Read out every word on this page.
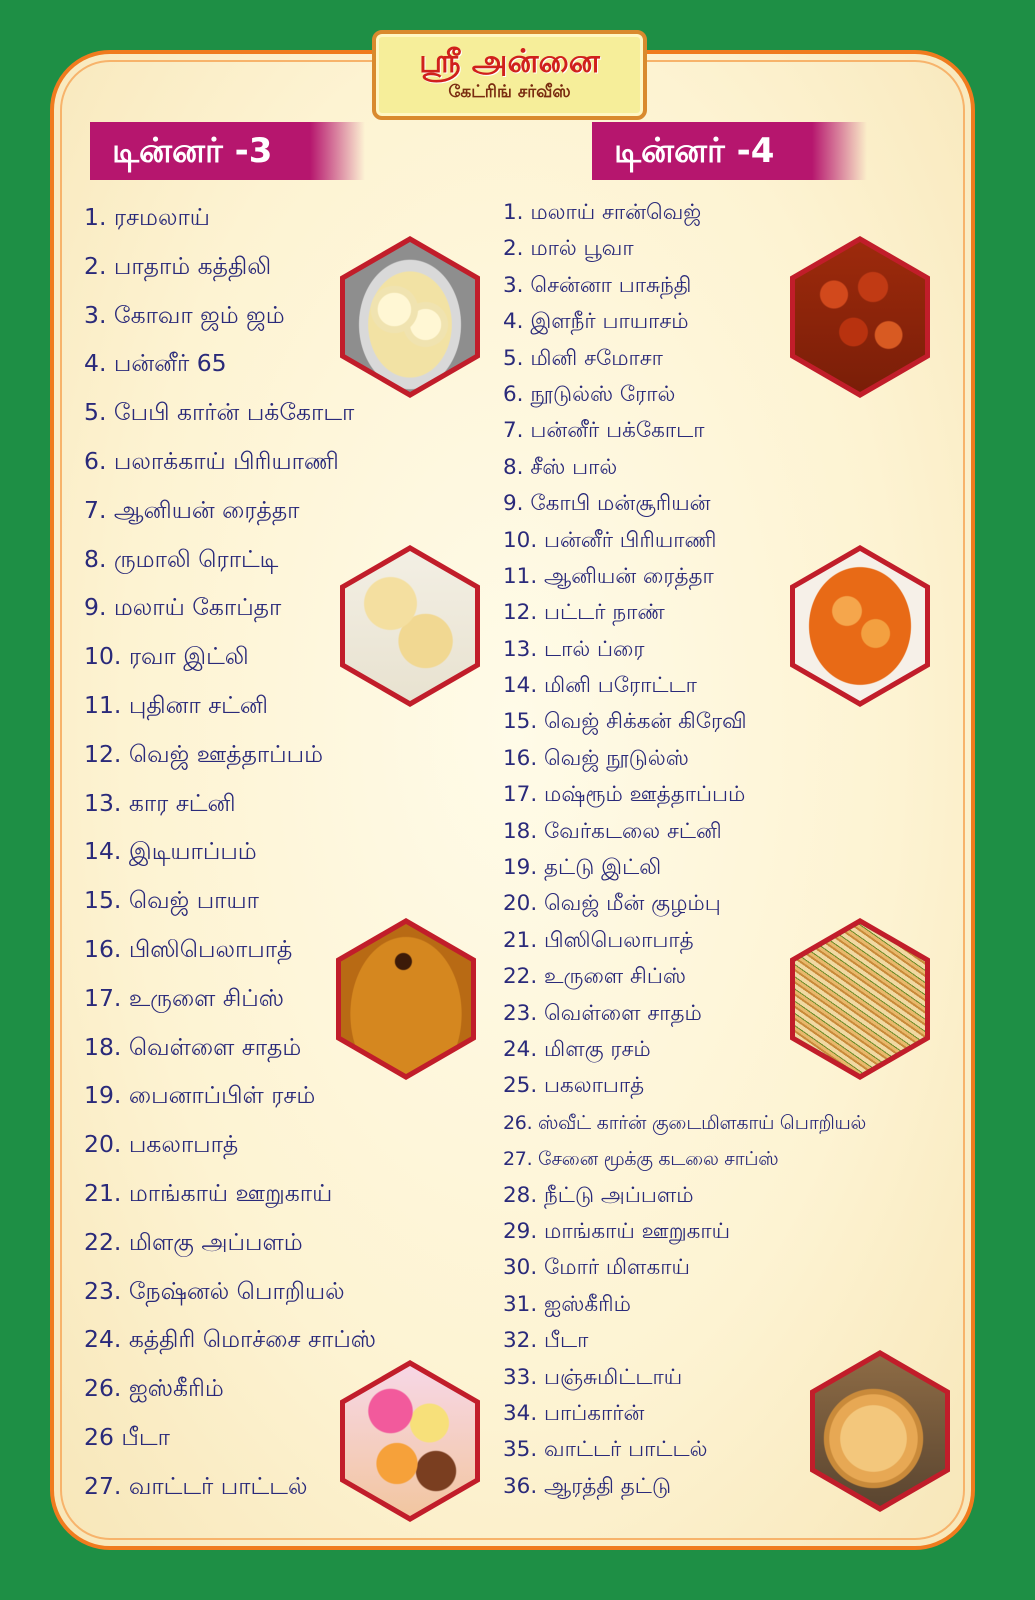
ஸ்ரீ அன்னை
கேட்ரிங் சர்வீஸ்
டின்னர் -3	டின்னர் -4
1. ரசமலாய்
2. பாதாம் கத்திலி
3. கோவா ஜம் ஜம்
4. பன்னீர் 65
5. பேபி கார்ன் பக்கோடா
6. பலாக்காய் பிரியாணி
7. ஆனியன் ரைத்தா
8. ருமாலி ரொட்டி
9. மலாய் கோப்தா
10. ரவா இட்லி
11. புதினா சட்னி
12. வெஜ் ஊத்தாப்பம்
13. கார சட்னி
14. இடியாப்பம்
15. வெஜ் பாயா
16. பிஸிபெலாபாத்
17. உருளை சிப்ஸ்
18. வெள்ளை சாதம்
19. பைனாப்பிள் ரசம்
20. பகலாபாத்
21. மாங்காய் ஊறுகாய்
22. மிளகு அப்பளம்
23. நேஷ்னல் பொறியல்
24. கத்திரி மொச்சை சாப்ஸ்
26. ஐஸ்கீரிம்
26 பீடா
27. வாட்டர் பாட்டல்
1. மலாய் சான்வெஜ்
2. மால் பூவா
3. சென்னா பாசுந்தி
4. இளநீர் பாயாசம்
5. மினி சமோசா
6. நூடுல்ஸ் ரோல்
7. பன்னீர் பக்கோடா
8. சீஸ் பால்
9. கோபி மன்சூரியன்
10. பன்னீர் பிரியாணி
11. ஆனியன் ரைத்தா
12. பட்டர் நாண்
13. டால் ப்ரை
14. மினி பரோட்டா
15. வெஜ் சிக்கன் கிரேவி
16. வெஜ் நூடுல்ஸ்
17. மஷ்ரூம் ஊத்தாப்பம்
18. வேர்கடலை சட்னி
19. தட்டு இட்லி
20. வெஜ் மீன் குழம்பு
21. பிஸிபெலாபாத்
22. உருளை சிப்ஸ்
23. வெள்ளை சாதம்
24. மிளகு ரசம்
25. பகலாபாத்
26. ஸ்வீட் கார்ன் குடைமிளகாய் பொறியல்
27. சேனை மூக்கு கடலை சாப்ஸ்
28. நீட்டு அப்பளம்
29. மாங்காய் ஊறுகாய்
30. மோர் மிளகாய்
31. ஐஸ்கீரிம்
32. பீடா
33. பஞ்சுமிட்டாய்
34. பாப்கார்ன்
35. வாட்டர் பாட்டல்
36. ஆரத்தி தட்டு
